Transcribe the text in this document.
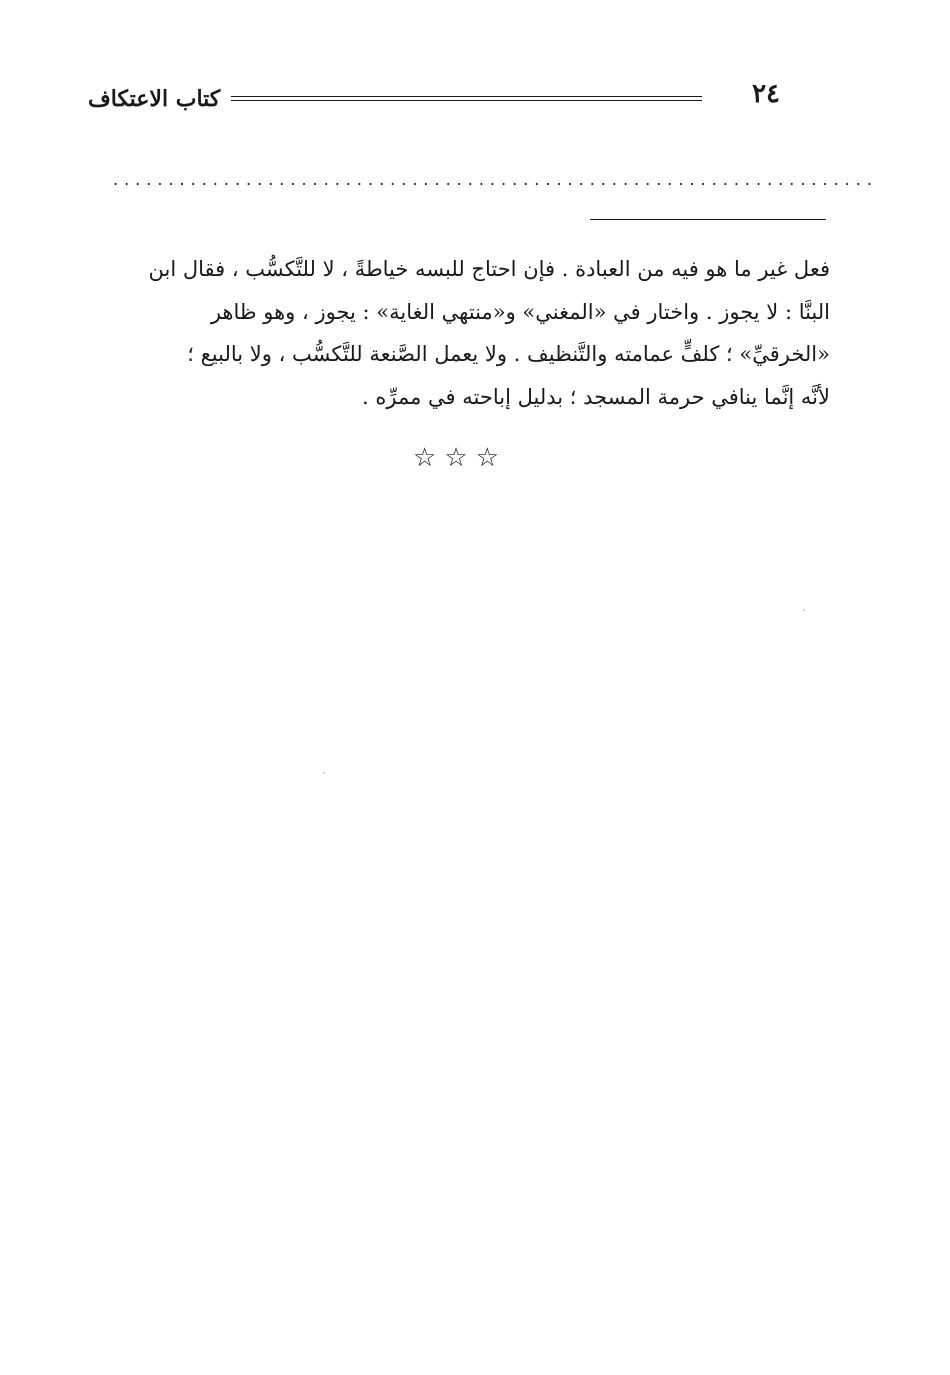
٢٤
كتاب الاعتكاف
.....................................................................

فعل غير ما هو فيه من العبادة . فإن احتاج للبسه خياطةً ، لا للتَّكسُّب ، فقال ابن

البنَّا : لا يجوز . واختار في «المغني» و«منتهي الغاية» : يجوز ، وهو ظاهر

«الخرقيِّ» ؛ كلفٍّ عمامته والتَّنظيف . ولا يعمل الصَّنعة للتَّكسُّب ، ولا بالبيع ؛

لأنَّه إنَّما ينافي حرمة المسجد ؛ بدليل إباحته في ممرِّه .

☆☆☆
